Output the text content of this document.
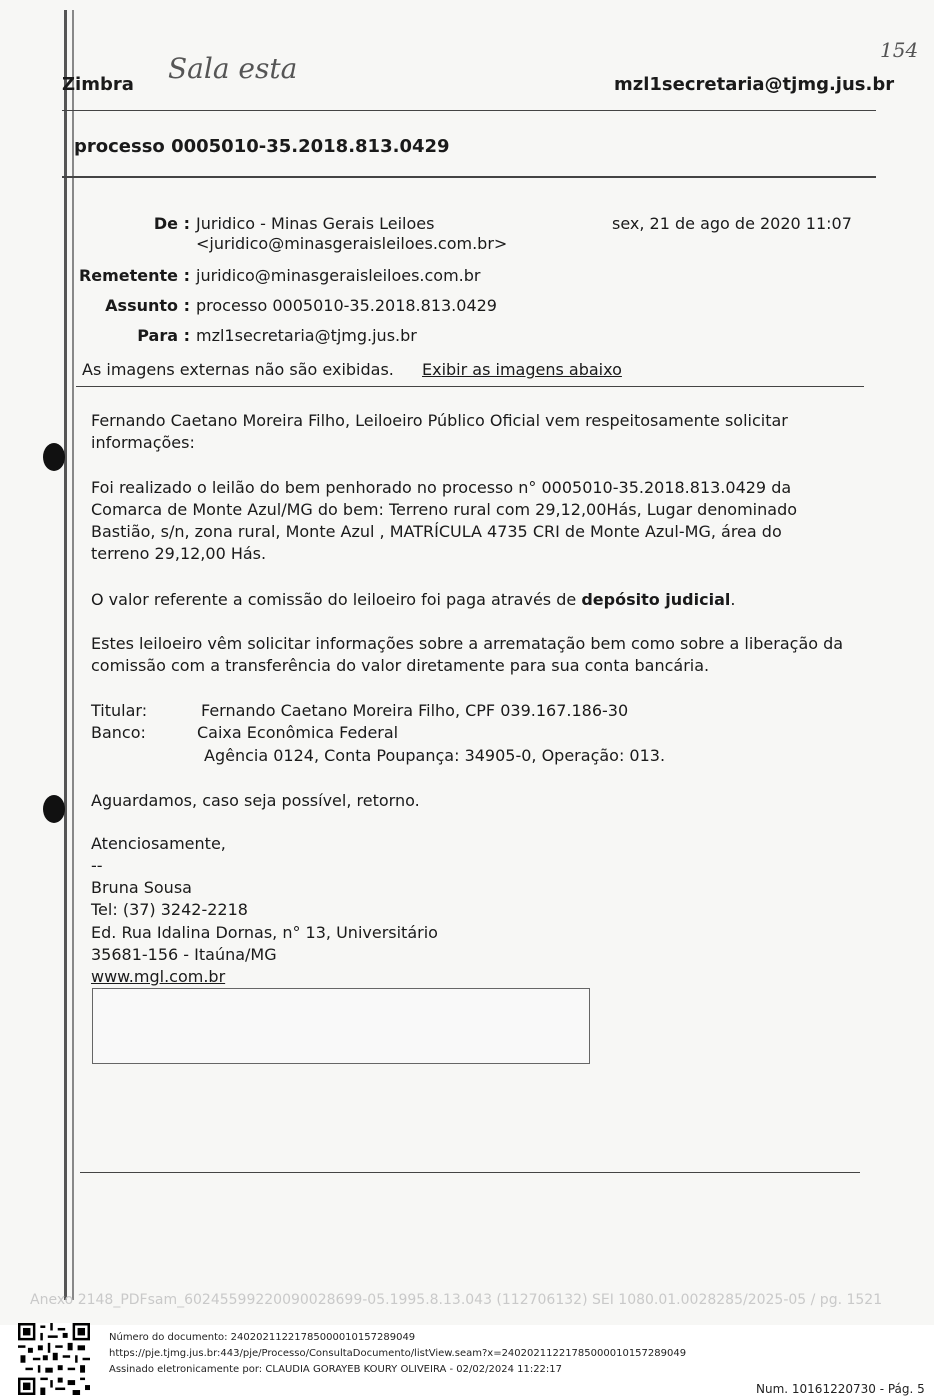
Zimbra Sala esta
154
mzl1secretaria@tjmg.jus.br
processo 0005010-35.2018.813.0429
De : Juridico - Minas Gerais Leiloes
<juridico@minasgeraisleiloes.com.br>
sex, 21 de ago de 2020 11:07
Remetente : juridico@minasgeraisleiloes.com.br
Assunto : processo 0005010-35.2018.813.0429
Para : mzl1secretaria@tjmg.jus.br
As imagens externas não são exibidas. Exibir as imagens abaixo
Fernando Caetano Moreira Filho, Leiloeiro Público Oficial vem respeitosamente solicitar informações:
Foi realizado o leilão do bem penhorado no processo n° 0005010-35.2018.813.0429 da Comarca de Monte Azul/MG do bem: Terreno rural com 29,12,00Hás, Lugar denominado Bastião, s/n, zona rural, Monte Azul , MATRÍCULA 4735 CRI de Monte Azul-MG, área do terreno 29,12,00 Hás.
O valor referente a comissão do leiloeiro foi paga através de depósito judicial.
Estes leiloeiro vêm solicitar informações sobre a arrematação bem como sobre a liberação da comissão com a transferência do valor diretamente para sua conta bancária.
Titular:	Fernando Caetano Moreira Filho, CPF 039.167.186-30
Banco:	Caixa Econômica Federal
Agência 0124, Conta Poupança: 34905-0, Operação: 013.
Aguardamos, caso seja possível, retorno.
Atenciosamente,
--
Bruna Sousa
Tel: (37) 3242-2218
Ed. Rua Idalina Dornas, n° 13, Universitário
35681-156 - Itaúna/MG
www.mgl.com.br
Anexo 2148_PDFsam_60245599220090028699-05.1995.8.13.043 (112706132) SEI 1080.01.0028285/2025-05 / pg. 1521
Número do documento: 24020211221785000010157289049
https://pje.tjmg.jus.br:443/pje/Processo/ConsultaDocumento/listView.seam?x=24020211221785000010157289049
Assinado eletronicamente por: CLAUDIA GORAYEB KOURY OLIVEIRA - 02/02/2024 11:22:17
Num. 10161220730 - Pág. 5
